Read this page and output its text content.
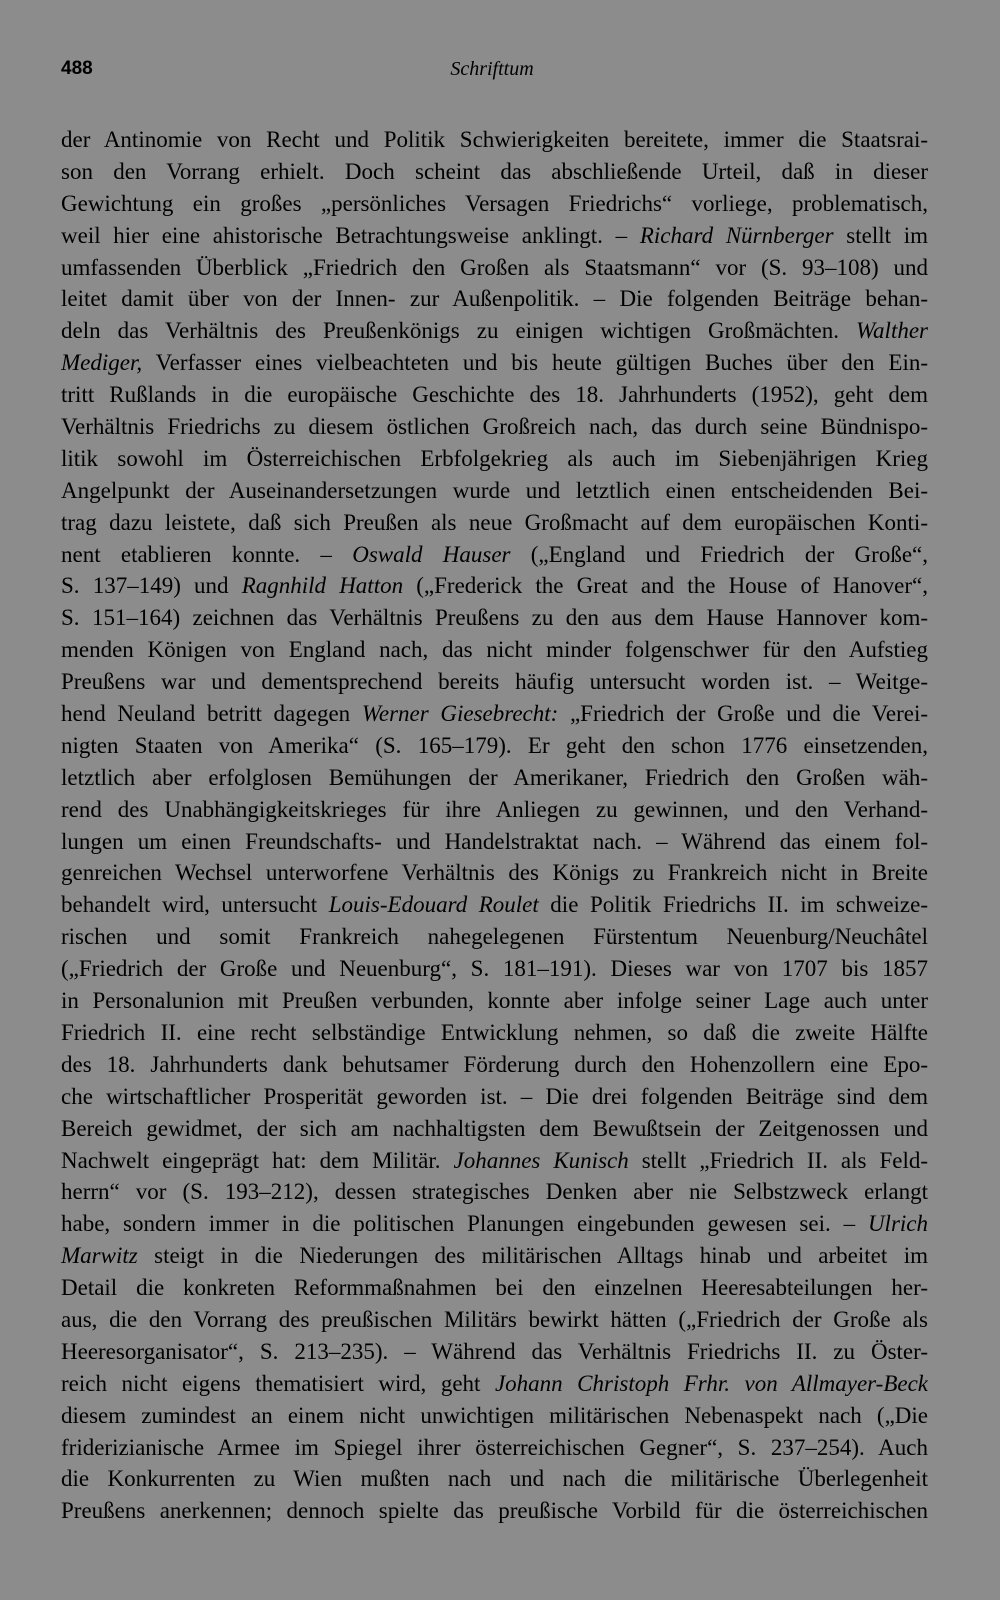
488	Schrifttum
der Antinomie von Recht und Politik Schwierigkeiten bereitete, immer die Staatsrai-
son den Vorrang erhielt. Doch scheint das abschließende Urteil, daß in dieser
Gewichtung ein großes „persönliches Versagen Friedrichs“ vorliege, problematisch,
weil hier eine ahistorische Betrachtungsweise anklingt. – Richard Nürnberger stellt im
umfassenden Überblick „Friedrich den Großen als Staatsmann“ vor (S. 93–108) und
leitet damit über von der Innen- zur Außenpolitik. – Die folgenden Beiträge behan-
deln das Verhältnis des Preußenkönigs zu einigen wichtigen Großmächten. Walther
Mediger, Verfasser eines vielbeachteten und bis heute gültigen Buches über den Ein-
tritt Rußlands in die europäische Geschichte des 18. Jahrhunderts (1952), geht dem
Verhältnis Friedrichs zu diesem östlichen Großreich nach, das durch seine Bündnispo-
litik sowohl im Österreichischen Erbfolgekrieg als auch im Siebenjährigen Krieg
Angelpunkt der Auseinandersetzungen wurde und letztlich einen entscheidenden Bei-
trag dazu leistete, daß sich Preußen als neue Großmacht auf dem europäischen Konti-
nent etablieren konnte. – Oswald Hauser („England und Friedrich der Große“,
S. 137–149) und Ragnhild Hatton („Frederick the Great and the House of Hanover“,
S. 151–164) zeichnen das Verhältnis Preußens zu den aus dem Hause Hannover kom-
menden Königen von England nach, das nicht minder folgenschwer für den Aufstieg
Preußens war und dementsprechend bereits häufig untersucht worden ist. – Weitge-
hend Neuland betritt dagegen Werner Giesebrecht: „Friedrich der Große und die Verei-
nigten Staaten von Amerika“ (S. 165–179). Er geht den schon 1776 einsetzenden,
letztlich aber erfolglosen Bemühungen der Amerikaner, Friedrich den Großen wäh-
rend des Unabhängigkeitskrieges für ihre Anliegen zu gewinnen, und den Verhand-
lungen um einen Freundschafts- und Handelstraktat nach. – Während das einem fol-
genreichen Wechsel unterworfene Verhältnis des Königs zu Frankreich nicht in Breite
behandelt wird, untersucht Louis-Edouard Roulet die Politik Friedrichs II. im schweize-
rischen und somit Frankreich nahegelegenen Fürstentum Neuenburg/Neuchâtel
(„Friedrich der Große und Neuenburg“, S. 181–191). Dieses war von 1707 bis 1857
in Personalunion mit Preußen verbunden, konnte aber infolge seiner Lage auch unter
Friedrich II. eine recht selbständige Entwicklung nehmen, so daß die zweite Hälfte
des 18. Jahrhunderts dank behutsamer Förderung durch den Hohenzollern eine Epo-
che wirtschaftlicher Prosperität geworden ist. – Die drei folgenden Beiträge sind dem
Bereich gewidmet, der sich am nachhaltigsten dem Bewußtsein der Zeitgenossen und
Nachwelt eingeprägt hat: dem Militär. Johannes Kunisch stellt „Friedrich II. als Feld-
herrn“ vor (S. 193–212), dessen strategisches Denken aber nie Selbstzweck erlangt
habe, sondern immer in die politischen Planungen eingebunden gewesen sei. – Ulrich
Marwitz steigt in die Niederungen des militärischen Alltags hinab und arbeitet im
Detail die konkreten Reformmaßnahmen bei den einzelnen Heeresabteilungen her-
aus, die den Vorrang des preußischen Militärs bewirkt hätten („Friedrich der Große als
Heeresorganisator“, S. 213–235). – Während das Verhältnis Friedrichs II. zu Öster-
reich nicht eigens thematisiert wird, geht Johann Christoph Frhr. von Allmayer-Beck
diesem zumindest an einem nicht unwichtigen militärischen Nebenaspekt nach („Die
friderizianische Armee im Spiegel ihrer österreichischen Gegner“, S. 237–254). Auch
die Konkurrenten zu Wien mußten nach und nach die militärische Überlegenheit
Preußens anerkennen; dennoch spielte das preußische Vorbild für die österreichischen
